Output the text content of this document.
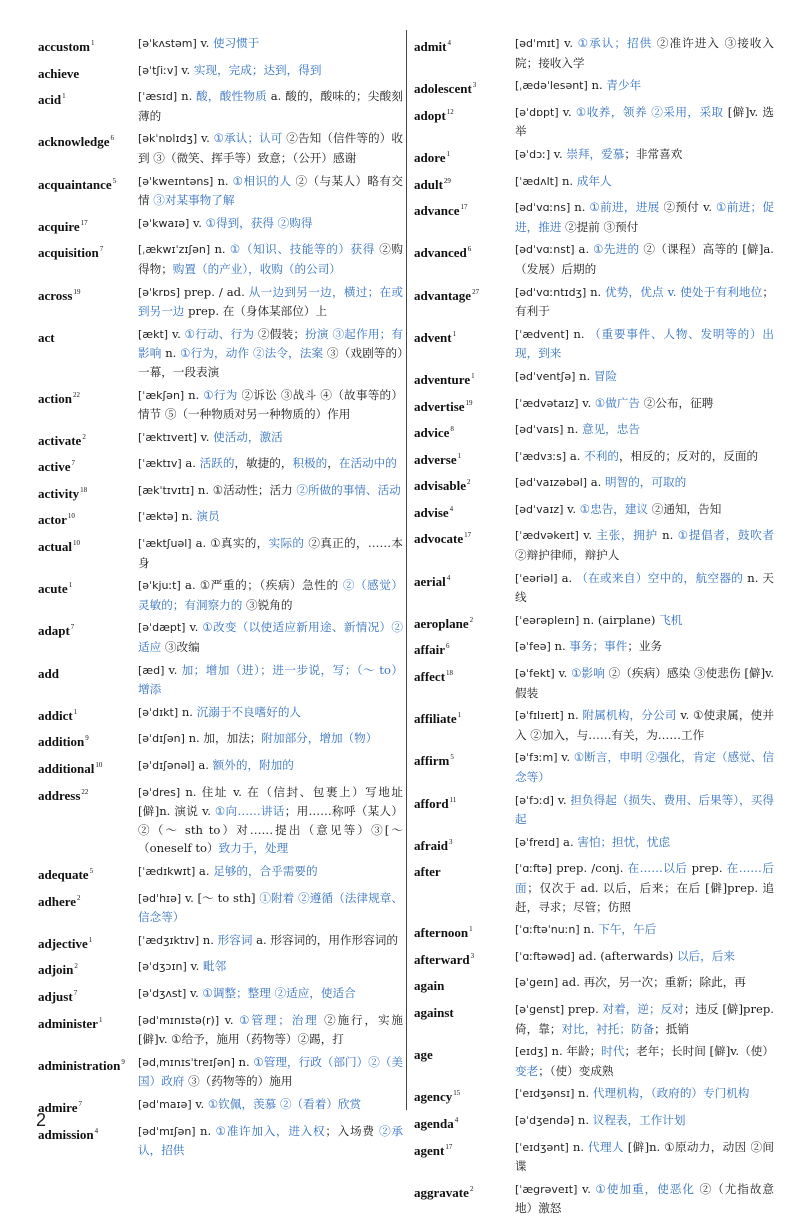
accustom$^1$	[əˈkʌstəm] v. 使习惯于
achieve	[əˈtʃiːv] v. 实现，完成；达到，得到
acid$^1$	[ˈæsɪd] n. 酸，酸性物质 a. 酸的，酸味的；尖酸刻薄的
acknowledge$^6$	[əkˈnɒlɪdʒ] v. ①承认；认可 ②告知（信件等的）收到 ③（微笑、挥手等）致意；（公开）感谢
acquaintance$^5$	[əˈkweɪntəns] n. ①相识的人 ②（与某人）略有交情 ③对某事物了解
acquire$^{17}$	[əˈkwaɪə] v. ①得到，获得 ②购得
acquisition$^7$	[ˌækwɪˈzɪʃən] n. ①（知识、技能等的）获得 ②购得物；购置（的产业），收购（的公司）
across$^{19}$	[əˈkrɒs] prep. / ad. 从一边到另一边，横过；在或到另一边 prep. 在（身体某部位）上
act	[ækt] v. ①行动、行为 ②假装；扮演 ③起作用；有影响 n. ①行为，动作 ②法令，法案 ③（戏剧等的）一幕，一段表演
action$^{22}$	[ˈækʃən] n. ①行为 ②诉讼 ③战斗 ④（故事等的）情节 ⑤（一种物质对另一种物质的）作用
activate$^2$	[ˈæktɪveɪt] v. 使活动，激活
active$^7$	[ˈæktɪv] a. 活跃的，敏捷的，积极的，在活动中的
activity$^{18}$	[ækˈtɪvɪtɪ] n. ①活动性；活力 ②所做的事情、活动
actor$^{10}$	[ˈæktə] n. 演员
actual$^{10}$	[ˈæktʃuəl] a. ①真实的，实际的 ②真正的，……本身
acute$^1$	[əˈkjuːt] a. ①严重的；（疾病）急性的 ②（感觉）灵敏的；有洞察力的 ③锐角的
adapt$^7$	[əˈdæpt] v. ①改变（以使适应新用途、新情况）②适应 ③改编
add	[æd] v. 加；增加（进）；进一步说，写；（～ to）增添
addict$^1$	[əˈdɪkt] n. 沉溺于不良嗜好的人
addition$^9$	[əˈdɪʃən] n. 加，加法；附加部分，增加（物）
additional$^{10}$	[əˈdɪʃənəl] a. 额外的，附加的
address$^{22}$	[əˈdres] n. 住址 v. 在（信封、包裹上）写地址 [僻]n. 演说 v. ①向……讲话；用……称呼（某人）②（～ sth to）对……提出（意见等）③[～（oneself to）致力于，处理
adequate$^5$	[ˈædɪkwɪt] a. 足够的，合乎需要的
adhere$^2$	[ədˈhɪə] v. [～ to sth] ①附着 ②遵循（法律规章、信念等）
adjective$^1$	[ˈædʒɪktɪv] n. 形容词 a. 形容词的，用作形容词的
adjoin$^2$	[əˈdʒɔɪn] v. 毗邻
adjust$^7$	[əˈdʒʌst] v. ①调整；整理 ②适应，使适合
administer$^1$	[ədˈmɪnɪstə(r)] v. ①管理；治理 ②施行，实施 [僻]v. ①给予，施用（药物等）②踢，打
administration$^9$	[ədˌmɪnɪsˈtreɪʃən] n. ①管理，行政（部门）②（美国）政府 ③（药物等的）施用
admire$^7$	[ədˈmaɪə] v. ①钦佩，羡慕 ②（看着）欣赏
admission$^4$	[ədˈmɪʃən] n. ①准许加入，进入权；入场费 ②承认，招供
admit$^4$	[ədˈmɪt] v. ①承认；招供 ②准许进入 ③接收入院；接收入学
adolescent$^3$	[ˌædəˈlesənt] n. 青少年
adopt$^{12}$	[əˈdɒpt] v. ①收养，领养 ②采用，采取 [僻]v. 选举
adore$^1$	[əˈdɔː] v. 崇拜，爱慕；非常喜欢
adult$^{29}$	[ˈædʌlt] n. 成年人
advance$^{17}$	[ədˈvɑːns] n. ①前进，进展 ②预付 v. ①前进；促进，推进 ②提前 ③预付
advanced$^6$	[ədˈvɑːnst] a. ①先进的 ②（课程）高等的 [僻]a.（发展）后期的
advantage$^{27}$	[ədˈvɑːntɪdʒ] n. 优势，优点 v. 使处于有利地位；有利于
advent$^1$	[ˈædvent] n. （重要事件、人物、发明等的）出现，到来
adventure$^1$	[ədˈventʃə] n. 冒险
advertise$^{19}$	[ˈædvətaɪz] v. ①做广告 ②公布，征聘
advice$^8$	[ədˈvaɪs] n. 意见，忠告
adverse$^1$	[ˈædvɜːs] a. 不利的，相反的；反对的，反面的
advisable$^2$	[ədˈvaɪzəbəl] a. 明智的，可取的
advise$^4$	[ədˈvaɪz] v. ①忠告，建议 ②通知，告知
advocate$^{17}$	[ˈædvəkeɪt] v. 主张，拥护 n. ①提倡者，鼓吹者 ②辩护律师，辩护人
aerial$^4$	[ˈeəriəl] a. （在或来自）空中的，航空器的 n. 天线
aeroplane$^2$	[ˈeərəpleɪn] n. (airplane) 飞机
affair$^6$	[əˈfeə] n. 事务；事件；业务
affect$^{18}$	[əˈfekt] v. ①影响 ②（疾病）感染 ③使悲伤 [僻]v. 假装
affiliate$^1$	[əˈfɪlɪeɪt] n. 附属机构，分公司 v. ①使隶属，使并入 ②加入，与……有关，为……工作
affirm$^5$	[əˈfɜːm] v. ①断言，申明 ②强化，肯定（感觉、信念等）
afford$^{11}$	[əˈfɔːd] v. 担负得起（损失、费用、后果等），买得起
afraid$^3$	[əˈfreɪd] a. 害怕；担忧，忧虑
after	[ˈɑːftə] prep. /conj. 在……以后 prep. 在……后面；仅次于 ad. 以后，后来；在后 [僻]prep. 追赶，寻求；尽管；仿照
afternoon$^1$	[ˈɑːftəˈnuːn] n. 下午，午后
afterward$^3$	[ˈɑːftəwəd] ad. (afterwards) 以后，后来
again	[əˈgeɪn] ad. 再次，另一次；重新；除此，再
against	[əˈgenst] prep. 对着，逆；反对；违反 [僻]prep. 倚，靠；对比，衬托；防备；抵销
age	[eɪdʒ] n. 年龄；时代；老年；长时间 [僻]v.（使）变老；（使）变成熟
agency$^{15}$	[ˈeɪdʒənsɪ] n. 代理机构，（政府的）专门机构
agenda$^4$	[əˈdʒendə] n. 议程表，工作计划
agent$^{17}$	[ˈeɪdʒənt] n. 代理人 [僻]n. ①原动力，动因 ②间谍
aggravate$^2$	[ˈægrəveɪt] v. ①使加重，使恶化 ②（尤指故意地）激怒
2
